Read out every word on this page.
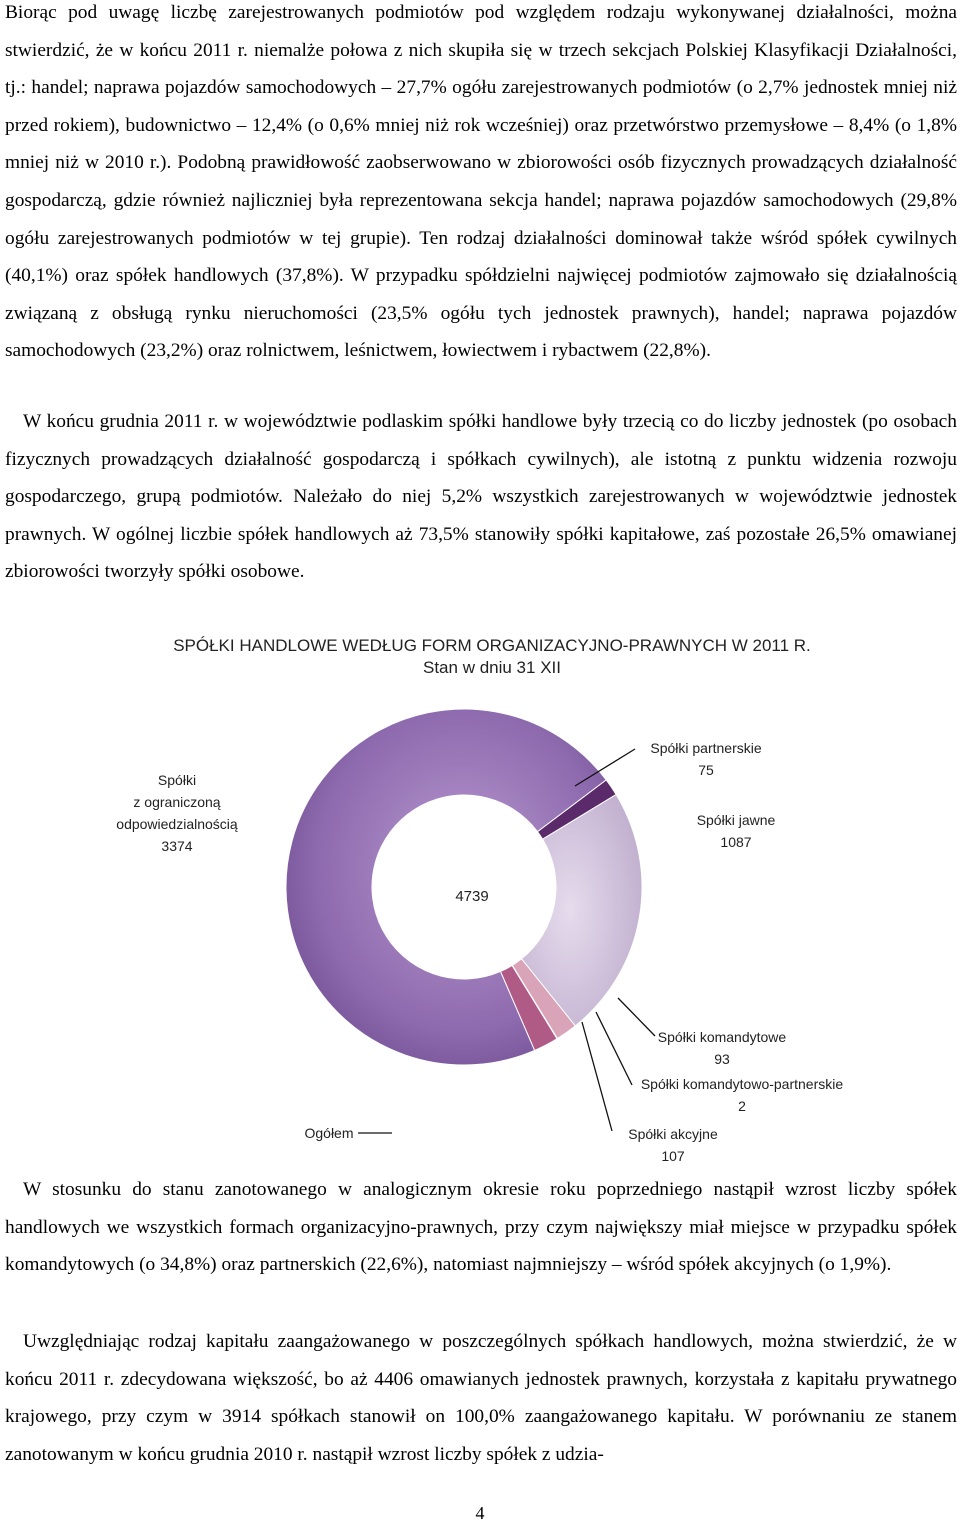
Biorąc pod uwagę liczbę zarejestrowanych podmiotów pod względem rodzaju wykonywanej działalności, można stwierdzić, że w końcu 2011 r. niemalże połowa z nich skupiła się w trzech sekcjach Polskiej Klasyfikacji Działalności, tj.: handel; naprawa pojazdów samochodowych – 27,7% ogółu zarejestrowanych podmiotów (o 2,7% jednostek mniej niż przed rokiem), budownictwo – 12,4% (o 0,6% mniej niż rok wcześniej) oraz przetwórstwo przemysłowe – 8,4% (o 1,8% mniej niż w 2010 r.). Podobną prawidłowość zaobserwowano w zbiorowości osób fizycznych prowadzących działalność gospodarczą, gdzie również najliczniej była reprezentowana sekcja handel; naprawa pojazdów samochodowych (29,8% ogółu zarejestrowanych podmiotów w tej grupie). Ten rodzaj działalności dominował także wśród spółek cywilnych (40,1%) oraz spółek handlowych (37,8%). W przypadku spółdzielni najwięcej podmiotów zajmowało się działalnością związaną z obsługą rynku nieruchomości (23,5% ogółu tych jednostek prawnych), handel; naprawa pojazdów samochodowych (23,2%) oraz rolnictwem, leśnictwem, łowiectwem i rybactwem (22,8%).

W końcu grudnia 2011 r. w województwie podlaskim spółki handlowe były trzecią co do liczby jednostek (po osobach fizycznych prowadzących działalność gospodarczą i spółkach cywilnych), ale istotną z punktu widzenia rozwoju gospodarczego, grupą podmiotów. Należało do niej 5,2% wszystkich zarejestrowanych w województwie jednostek prawnych. W ogólnej liczbie spółek handlowych aż 73,5% stanowiły spółki kapitałowe, zaś pozostałe 26,5% omawianej zbiorowości tworzyły spółki osobowe.

SPÓŁKI HANDLOWE WEDŁUG FORM ORGANIZACYJNO-PRAWNYCH W 2011 R.
Stan w dniu 31 XII
Spółki partnerskie
75
Spółki jawne
1087
Spółki
z ograniczoną
odpowiedzialnością
3374
4739
Spółki komandytowe
93
Spółki komandytowo-partnerskie
2
Spółki akcyjne
107
Ogółem

W stosunku do stanu zanotowanego w analogicznym okresie roku poprzedniego nastąpił wzrost liczby spółek handlowych we wszystkich formach organizacyjno-prawnych, przy czym największy miał miejsce w przypadku spółek komandytowych (o 34,8%) oraz partnerskich (22,6%), natomiast najmniejszy – wśród spółek akcyjnych (o 1,9%).

Uwzględniając rodzaj kapitału zaangażowanego w poszczególnych spółkach handlowych, można stwierdzić, że w końcu 2011 r. zdecydowana większość, bo aż 4406 omawianych jednostek prawnych, korzystała z kapitału prywatnego krajowego, przy czym w 3914 spółkach stanowił on 100,0% zaangażowanego kapitału. W porównaniu ze stanem zanotowanym w końcu grudnia 2010 r. nastąpił wzrost liczby spółek z udzia-

4
